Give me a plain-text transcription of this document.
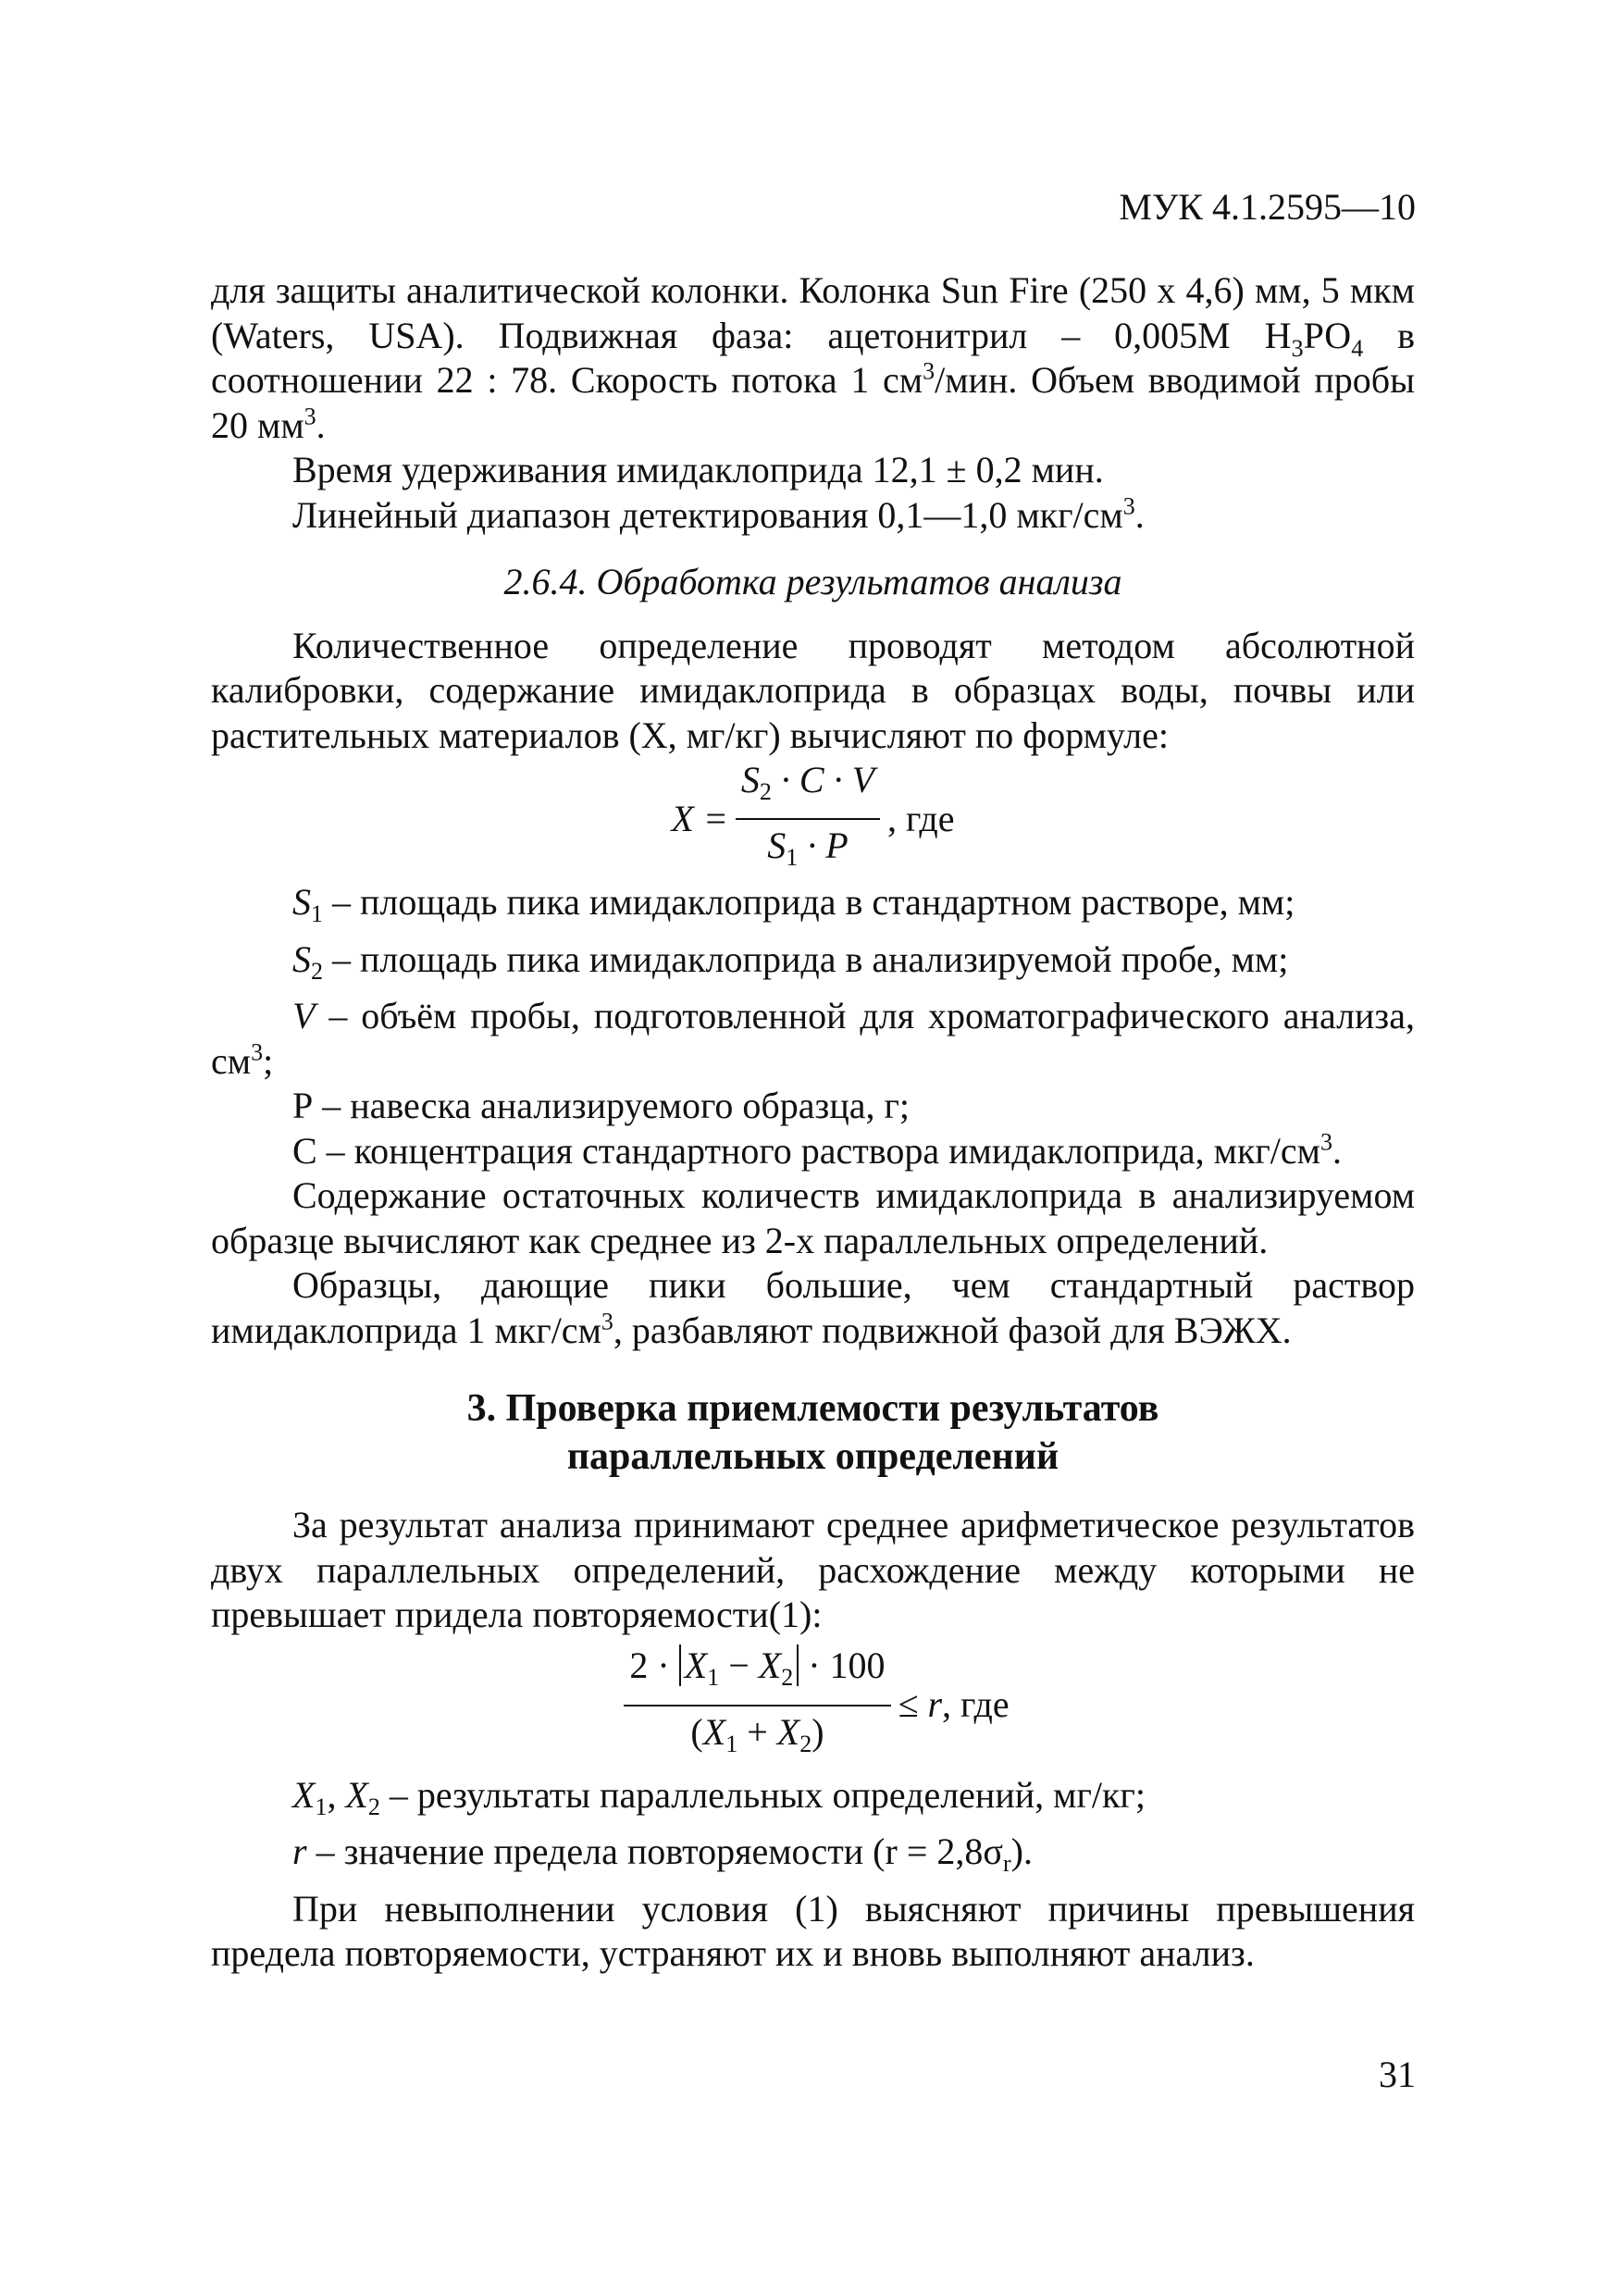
МУК 4.1.2595—10

для защиты аналитической колонки. Колонка Sun Fire (250 х 4,6) мм, 5 мкм (Waters, USA). Подвижная фаза: ацетонитрил – 0,005М $Н_3РО_4$ в соотношении 22 : 78. Скорость потока 1 $см^3$/мин. Объем вводимой пробы 20 $мм^3$.

Время удерживания имидаклоприда 12,1 ± 0,2 мин.

Линейный диапазон детектирования 0,1—1,0 мкг/$см^3$.

2.6.4. Обработка результатов анализа

Количественное определение проводят методом абсолютной калибровки, содержание имидаклоприда в образцах воды, почвы или растительных материалов (Х, мг/кг) вычисляют по формуле:

$X = \frac{S_2 \cdot C \cdot V}{S_1 \cdot P}$ , где

$S_1$ – площадь пика имидаклоприда в стандартном растворе, мм;

$S_2$ – площадь пика имидаклоприда в анализируемой пробе, мм;

V – объём пробы, подготовленной для хроматографического анализа, $см^3$;

Р – навеска анализируемого образца, г;

С – концентрация стандартного раствора имидаклоприда, мкг/$см^3$.

Содержание остаточных количеств имидаклоприда в анализируемом образце вычисляют как среднее из 2-х параллельных определений.

Образцы, дающие пики большие, чем стандартный раствор имидаклоприда 1 мкг/$см^3$, разбавляют подвижной фазой для ВЭЖХ.

3. Проверка приемлемости результатов
параллельных определений

За результат анализа принимают среднее арифметическое результатов двух параллельных определений, расхождение между которыми не превышает придела повторяемости(1):

$\frac{2 \cdot X_1 - X_2 \cdot 100}{(X_1 + X_2)} \le r$ , где

$X_1$, $X_2$ – результаты параллельных определений, мг/кг;

r – значение предела повторяемости $(r = 2,8\sigma_r)$.

При невыполнении условия (1) выясняют причины превышения предела повторяемости, устраняют их и вновь выполняют анализ.

31
